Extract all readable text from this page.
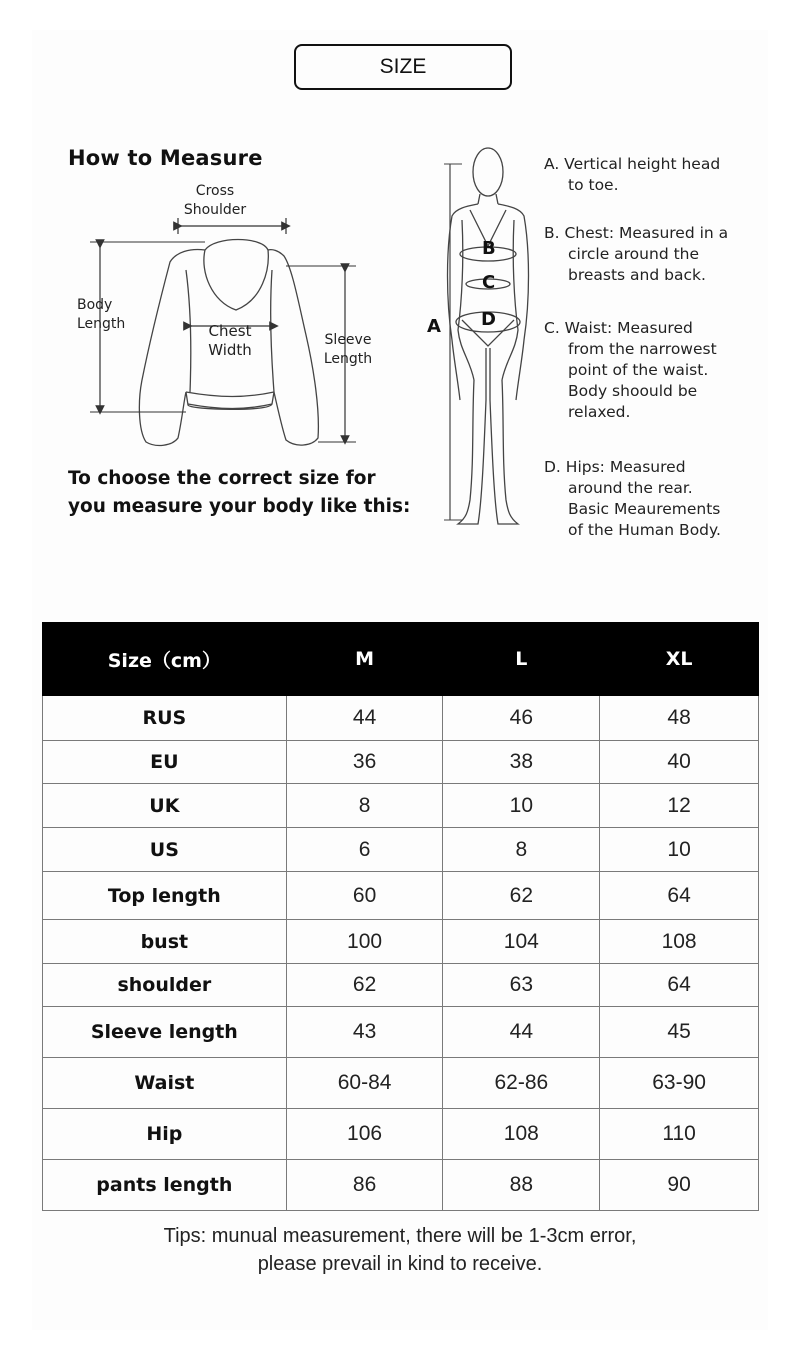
SIZE
How to Measure
Cross
Shoulder
Body
Length	Chest
Width
Sleeve
Length
A
B
C
D
A. Vertical height head
to toe.
B. Chest: Measured in a
circle around the
breasts and back.
C. Waist: Measured
from the narrowest
point of the waist.
Body shoould be
relaxed.
D. Hips: Measured
around the rear.
Basic Meaurements
of the Human Body.
To choose the correct size for
you measure your body like this:
Size（cm）	M	L	XL
RUS	44	46	48
EU	36	38	40
UK	8	10	12
US	6	8	10
Top length	60	62	64
bust	100	104	108
shoulder	62	63	64
Sleeve length	43	44	45
Waist	60-84	62-86	63-90
Hip	106	108	110
pants length	86	88	90
Tips: munual measurement, there will be 1-3cm error,
please prevail in kind to receive.
